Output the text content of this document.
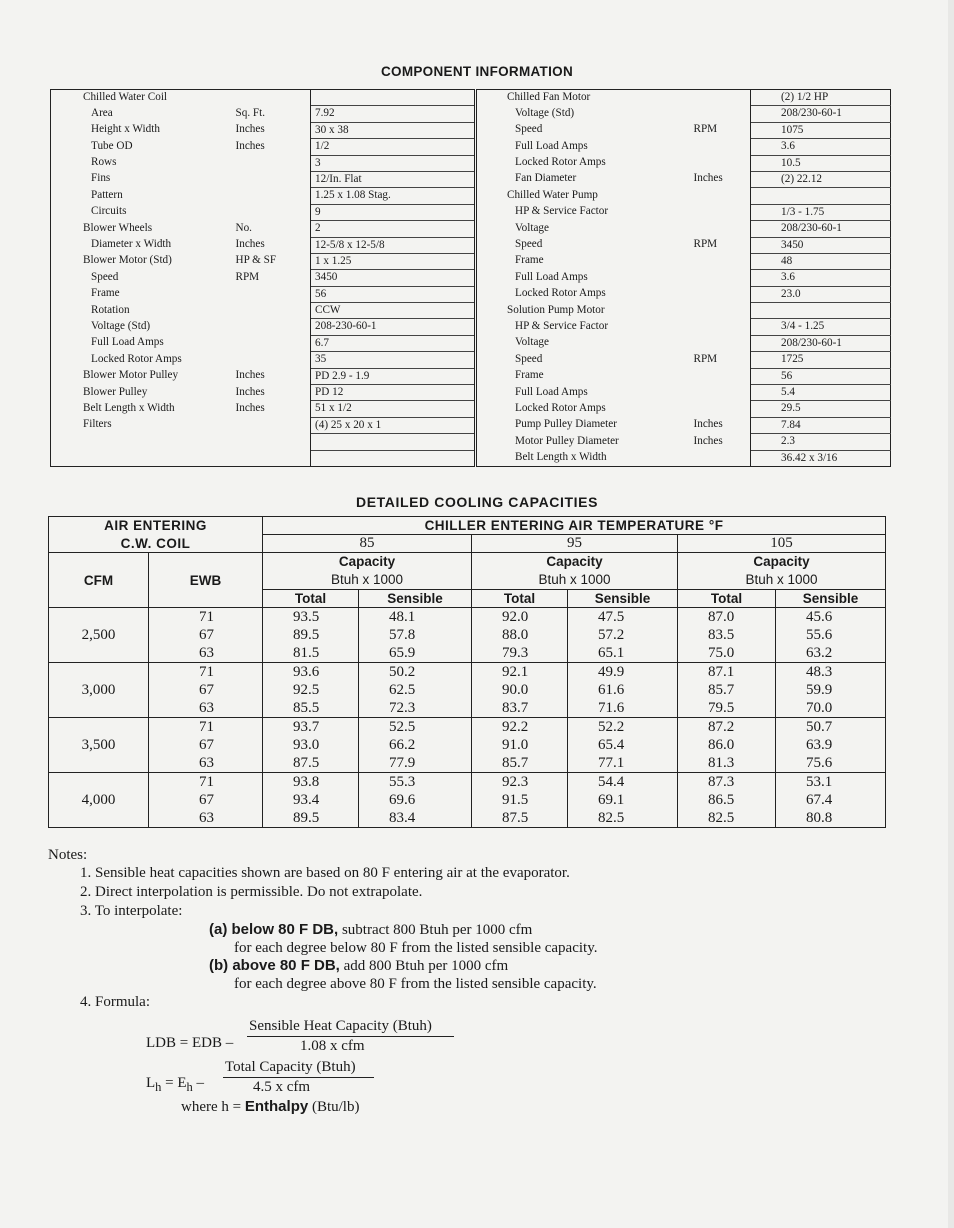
COMPONENT INFORMATION
Chilled Water Coil			Chilled Fan Motor		(2) 1/2 HP
Area	Sq. Ft.	7.92	Voltage (Std)		208/230-60-1
Height x Width	Inches	30 x 38	Speed	RPM	1075
Tube OD	Inches	1/2	Full Load Amps		3.6
Rows		3	Locked Rotor Amps		10.5
Fins		12/In. Flat	Fan Diameter	Inches	(2) 22.12
Pattern		1.25 x 1.08 Stag.	Chilled Water Pump		
Circuits		9	HP & Service Factor		1/3 - 1.75
Blower Wheels	No.	2	Voltage		208/230-60-1
Diameter x Width	Inches	12-5/8 x 12-5/8	Speed	RPM	3450
Blower Motor (Std)	HP & SF	1 x 1.25	Frame		48
Speed	RPM	3450	Full Load Amps		3.6
Frame		56	Locked Rotor Amps		23.0
Rotation		CCW	Solution Pump Motor		
Voltage (Std)		208-230-60-1	HP & Service Factor		3/4 - 1.25
Full Load Amps		6.7	Voltage		208/230-60-1
Locked Rotor Amps		35	Speed	RPM	1725
Blower Motor Pulley	Inches	PD 2.9 - 1.9	Frame		56
Blower Pulley	Inches	PD 12	Full Load Amps		5.4
Belt Length x Width	Inches	51 x 1/2	Locked Rotor Amps		29.5
Filters		(4) 25 x 20 x 1	Pump Pulley Diameter	Inches	7.84
			Motor Pulley Diameter	Inches	2.3
			Belt Length x Width		36.42 x 3/16
DETAILED COOLING CAPACITIES
AIR ENTERING		CHILLER ENTERING AIR TEMPERATURE °F					
C.W. COIL		85		95		105	
CFM	EWB	Capacity		Capacity		Capacity	
		Btuh x 1000		Btuh x 1000		Btuh x 1000	
		Total	Sensible	Total	Sensible	Total	Sensible
2,500	71	93.5	48.1	92.0	47.5	87.0	45.6
	67	89.5	57.8	88.0	57.2	83.5	55.6
	63	81.5	65.9	79.3	65.1	75.0	63.2
3,000	71	93.6	50.2	92.1	49.9	87.1	48.3
	67	92.5	62.5	90.0	61.6	85.7	59.9
	63	85.5	72.3	83.7	71.6	79.5	70.0
3,500	71	93.7	52.5	92.2	52.2	87.2	50.7
	67	93.0	66.2	91.0	65.4	86.0	63.9
	63	87.5	77.9	85.7	77.1	81.3	75.6
4,000	71	93.8	55.3	92.3	54.4	87.3	53.1
	67	93.4	69.6	91.5	69.1	86.5	67.4
	63	89.5	83.4	87.5	82.5	82.5	80.8
Notes:
1. Sensible heat capacities shown are based on 80 F entering air at the evaporator.
2. Direct interpolation is permissible. Do not extrapolate.
3. To interpolate:
(a) below 80 F DB, subtract 800 Btuh per 1000 cfm
for each degree below 80 F from the listed sensible capacity.
(b) above 80 F DB, add 800 Btuh per 1000 cfm
for each degree above 80 F from the listed sensible capacity.
4. Formula:
LDB = EDB –
Sensible Heat Capacity (Btuh)
1.08 x cfm
$L_h = E_h$ –
Total Capacity (Btuh)
4.5 x cfm
where h = Enthalpy (Btu/lb)
